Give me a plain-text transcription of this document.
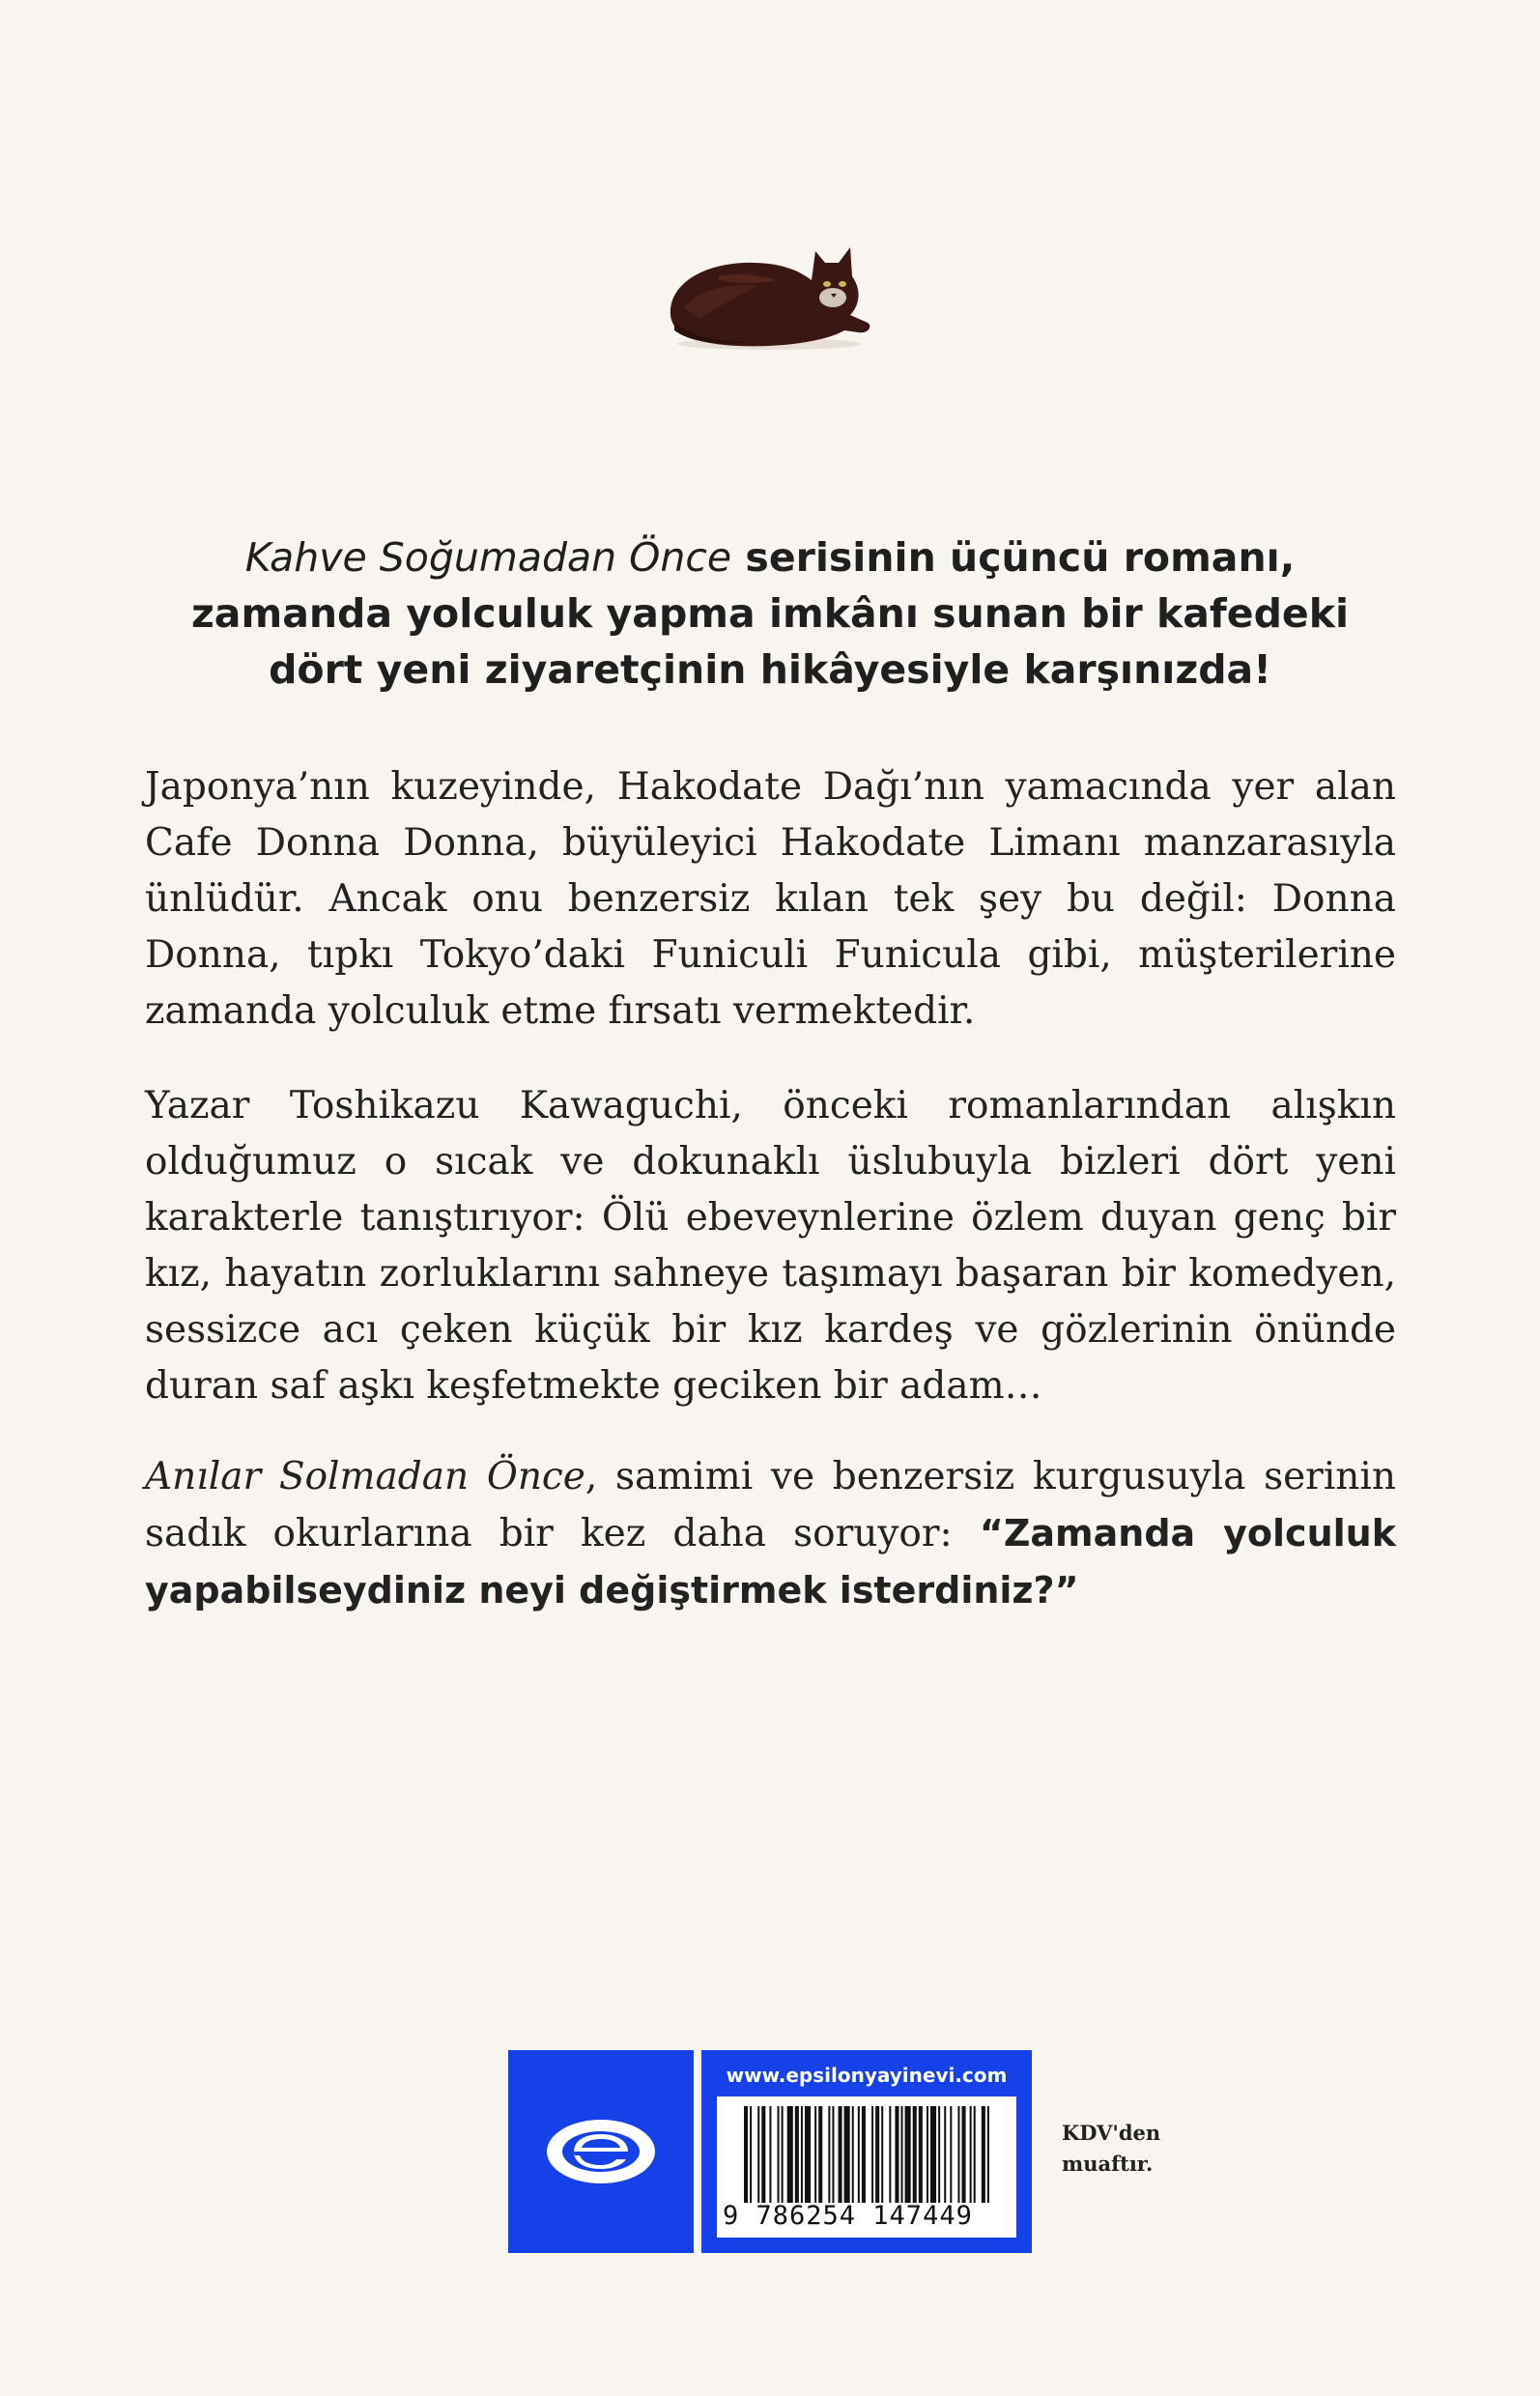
Kahve Soğumadan Önce serisinin üçüncü romanı,
zamanda yolculuk yapma imkânı sunan bir kafedeki
dört yeni ziyaretçinin hikâyesiyle karşınızda!

Japonya’nın kuzeyinde, Hakodate Dağı’nın yamacında yer alan Cafe Donna Donna, büyüleyici Hakodate Limanı manzarasıyla ünlüdür. Ancak onu benzersiz kılan tek şey bu değil: Donna Donna, tıpkı Tokyo’daki Funiculi Funicula gibi, müşterilerine zamanda yolculuk etme fırsatı vermektedir.

Yazar Toshikazu Kawaguchi, önceki romanlarından alışkın olduğumuz o sıcak ve dokunaklı üslubuyla bizleri dört yeni karakterle tanıştırıyor: Ölü ebeveynlerine özlem duyan genç bir kız, hayatın zorluklarını sahneye taşımayı başaran bir komedyen, sessizce acı çeken küçük bir kız kardeş ve gözlerinin önünde duran saf aşkı keşfetmekte geciken bir adam…

Anılar Solmadan Önce, samimi ve benzersiz kurgusuyla serinin sadık okurlarına bir kez daha soruyor: “Zamanda yolculuk yapabilseydiniz neyi değiştirmek isterdiniz?”

www.epsilonyayinevi.com
9 786254 147449
KDV'den
muaftır.
